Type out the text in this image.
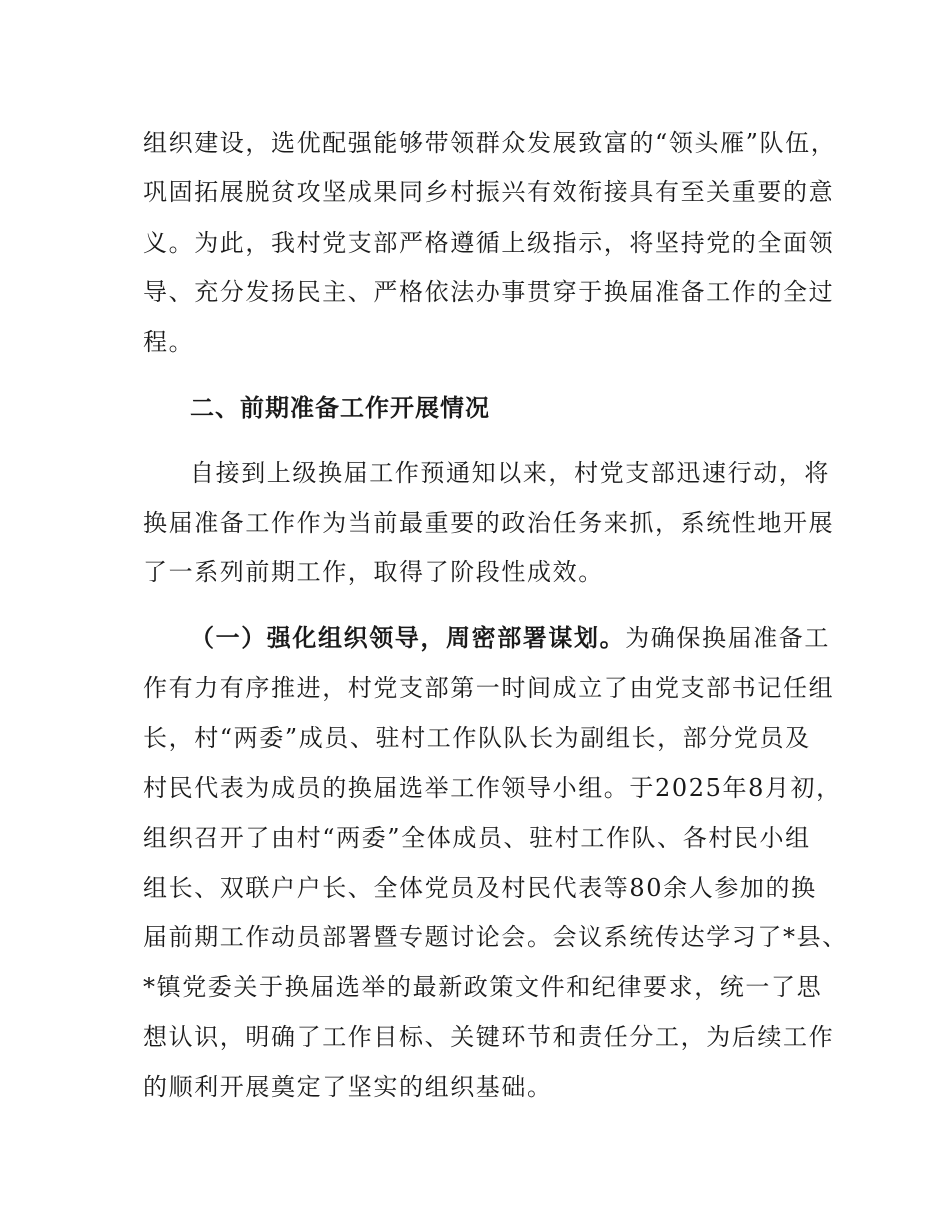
组织建设，选优配强能够带领群众发展致富的“领头雁”队伍，

巩固拓展脱贫攻坚成果同乡村振兴有效衔接具有至关重要的意

义。为此，我村党支部严格遵循上级指示，将坚持党的全面领

导、充分发扬民主、严格依法办事贯穿于换届准备工作的全过

程。

二、前期准备工作开展情况

自接到上级换届工作预通知以来，村党支部迅速行动，将

换届准备工作作为当前最重要的政治任务来抓，系统性地开展

了一系列前期工作，取得了阶段性成效。

（一）强化组织领导，周密部署谋划。为确保换届准备工

作有力有序推进，村党支部第一时间成立了由党支部书记任组

长，村“两委”成员、驻村工作队队长为副组长，部分党员及

村民代表为成员的换届选举工作领导小组。于2025年8月初，

组织召开了由村“两委”全体成员、驻村工作队、各村民小组

组长、双联户户长、全体党员及村民代表等80余人参加的换

届前期工作动员部署暨专题讨论会。会议系统传达学习了*县、

*镇党委关于换届选举的最新政策文件和纪律要求，统一了思

想认识，明确了工作目标、关键环节和责任分工，为后续工作

的顺利开展奠定了坚实的组织基础。
